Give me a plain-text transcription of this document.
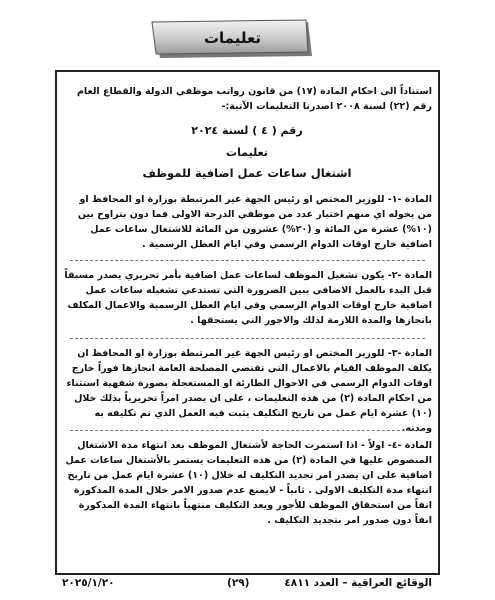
تعليمات
استناداً الى احكام المادة (١٧) من قانون رواتب موظفي الدولة والقطاع العام رقم (٢٢) لسنة ٢٠٠٨ اصدرنا التعليمات الآتية:-
رقم ( ٤ ) لسنة ٢٠٢٤
تعليمات
اشتغال ساعات عمل اضافية للموظف
المادة -١- للوزير المختص او رئيس الجهة غير المرتبطة بوزارة او المحافظ او من يخوله اي منهم اختيار عدد من موظفي الدرجة الاولى فما دون بتراوح بين (١٠%) عشرة من المائة و (٢٠%) عشرون من المائة للاشتغال ساعات عمل اضافية خارج اوقات الدوام الرسمي وفي ايام العطل الرسمية .
المادة -٢- يكون تشغيل الموظف لساعات عمل اضافية بأمر تحريري يصدر مسبقاً قبل البدء بالعمل الاضافي يبين الضرورة التي تستدعي تشغيله ساعات عمل اضافية خارج اوقات الدوام الرسمي وفي ايام العطل الرسمية والاعمال المكلف بانجازها والمدة اللازمة لذلك والاجور التي يستحقها .
المادة -٣- للوزير المختص او رئيس الجهة غير المرتبطة بوزارة او المحافظ ان يكلف الموظف القيام بالاعمال التي تقتضي المصلحة العامة انجازها فوراً خارج اوقات الدوام الرسمي في الاحوال الطارئة او المستعجلة بصورة شفهية استثناء من احكام المادة (٢) من هذه التعليمات ، على ان يصدر امراً تحريرياً بذلك خلال (١٠) عشرة ايام عمل من تاريخ التكليف يثبت فيه العمل الذي تم تكليفه به ومدته.
المادة -٤- اولاً - اذا استمرت الحاجة لأشتغال الموظف بعد انتهاء مدة الاشتغال المنصوص عليها في المادة (٢) من هذه التعليمات يستمر بالأشتغال ساعات عمل اضافية على ان يصدر امر تجديد التكليف له خلال (١٠) عشرة ايام عمل من تاريخ انتهاء مدة التكليف الاولى . ثانياً - لايمنع عدم صدور الامر خلال المدة المذكورة انفاً من استحقاق الموظف للأجور ويعد التكليف منتهياً بانتهاء المدة المذكورة انفاً دون صدور امر بتجديد التكليف .
الوقائع العراقية – العدد ٤٨١١
(٢٩)
٢٠٢٥/١/٢٠
